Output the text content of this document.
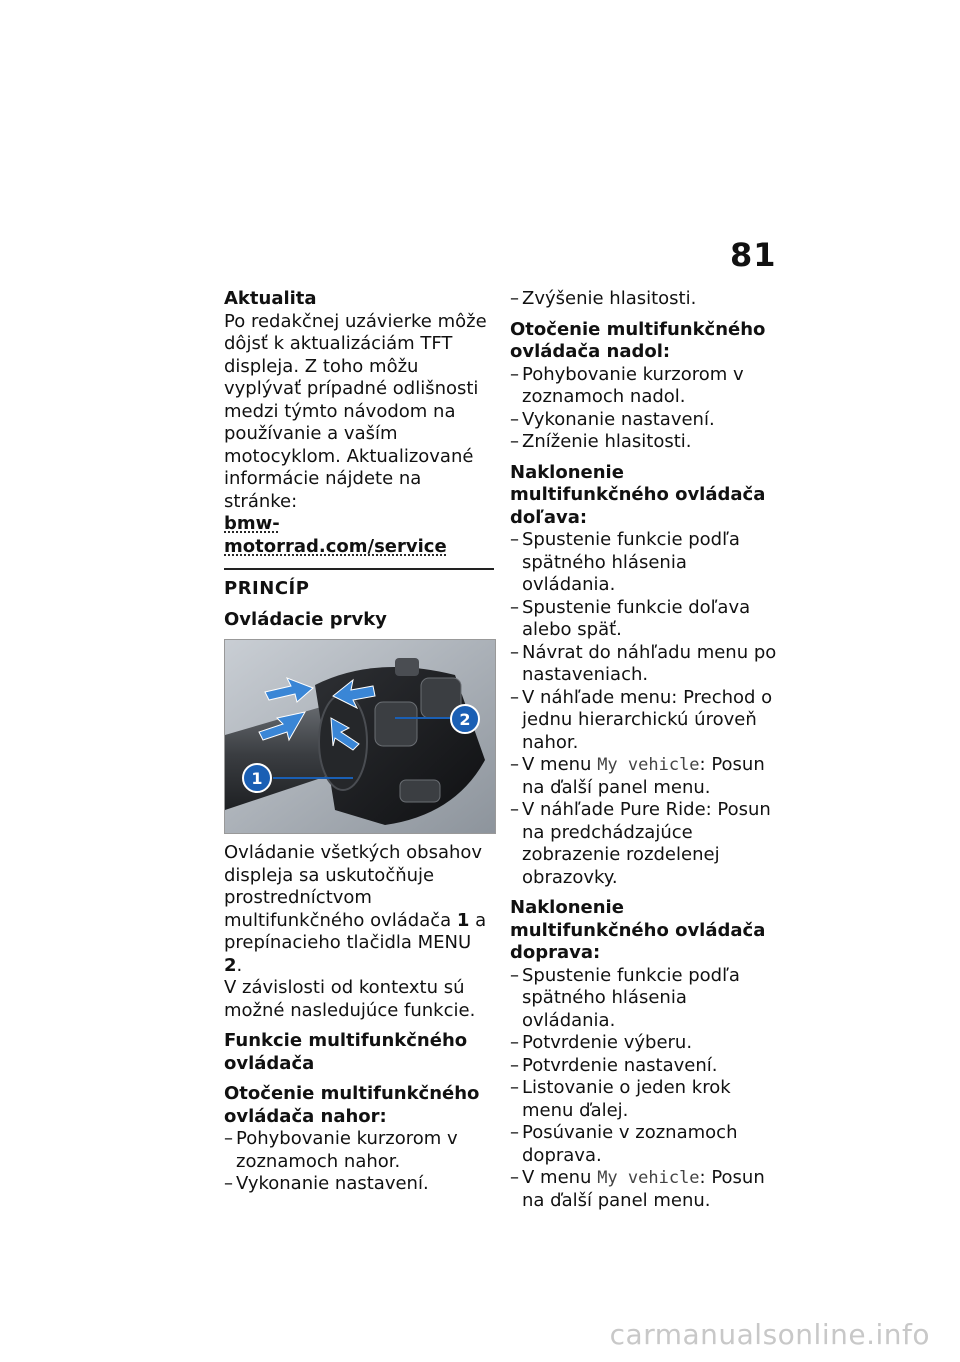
81

Aktualita

Po redakčnej uzávierke môže dôjsť k aktualizáciám TFT displeja. Z toho môžu vyplývať prípadné odlišnosti medzi týmto návodom na používanie a vaším motocyklom. Aktualizované informácie nájdete na stránke:

bmw-motorrad.com/service

PRINCÍP

Ovládacie prvky

2
1

Ovládanie všetkých obsahov displeja sa uskutočňuje prostredníctvom multifunkčného ovládača 1 a prepínacieho tlačidla MENU 2.

V závislosti od kontextu sú možné nasledujúce funkcie.

Funkcie multifunkčného ovládača

Otočenie multifunkčného ovládača nahor:

– Pohybovanie kurzorom v zoznamoch nahor.
– Vykonanie nastavení.
– Zvýšenie hlasitosti.

Otočenie multifunkčného ovládača nadol:

– Pohybovanie kurzorom v zoznamoch nadol.
– Vykonanie nastavení.
– Zníženie hlasitosti.

Naklonenie multifunkčného ovládača doľava:

– Spustenie funkcie podľa spätného hlásenia ovládania.
– Spustenie funkcie doľava alebo späť.
– Návrat do náhľadu menu po nastaveniach.
– V náhľade menu: Prechod o jednu hierarchickú úroveň nahor.
– V menu My vehicle: Posun na ďalší panel menu.
– V náhľade Pure Ride: Posun na predchádzajúce zobrazenie rozdelenej obrazovky.

Naklonenie multifunkčného ovládača doprava:

– Spustenie funkcie podľa spätného hlásenia ovládania.
– Potvrdenie výberu.
– Potvrdenie nastavení.
– Listovanie o jeden krok menu ďalej.
– Posúvanie v zoznamoch doprava.
– V menu My vehicle: Posun na ďalší panel menu.
carmanualsonline.info
